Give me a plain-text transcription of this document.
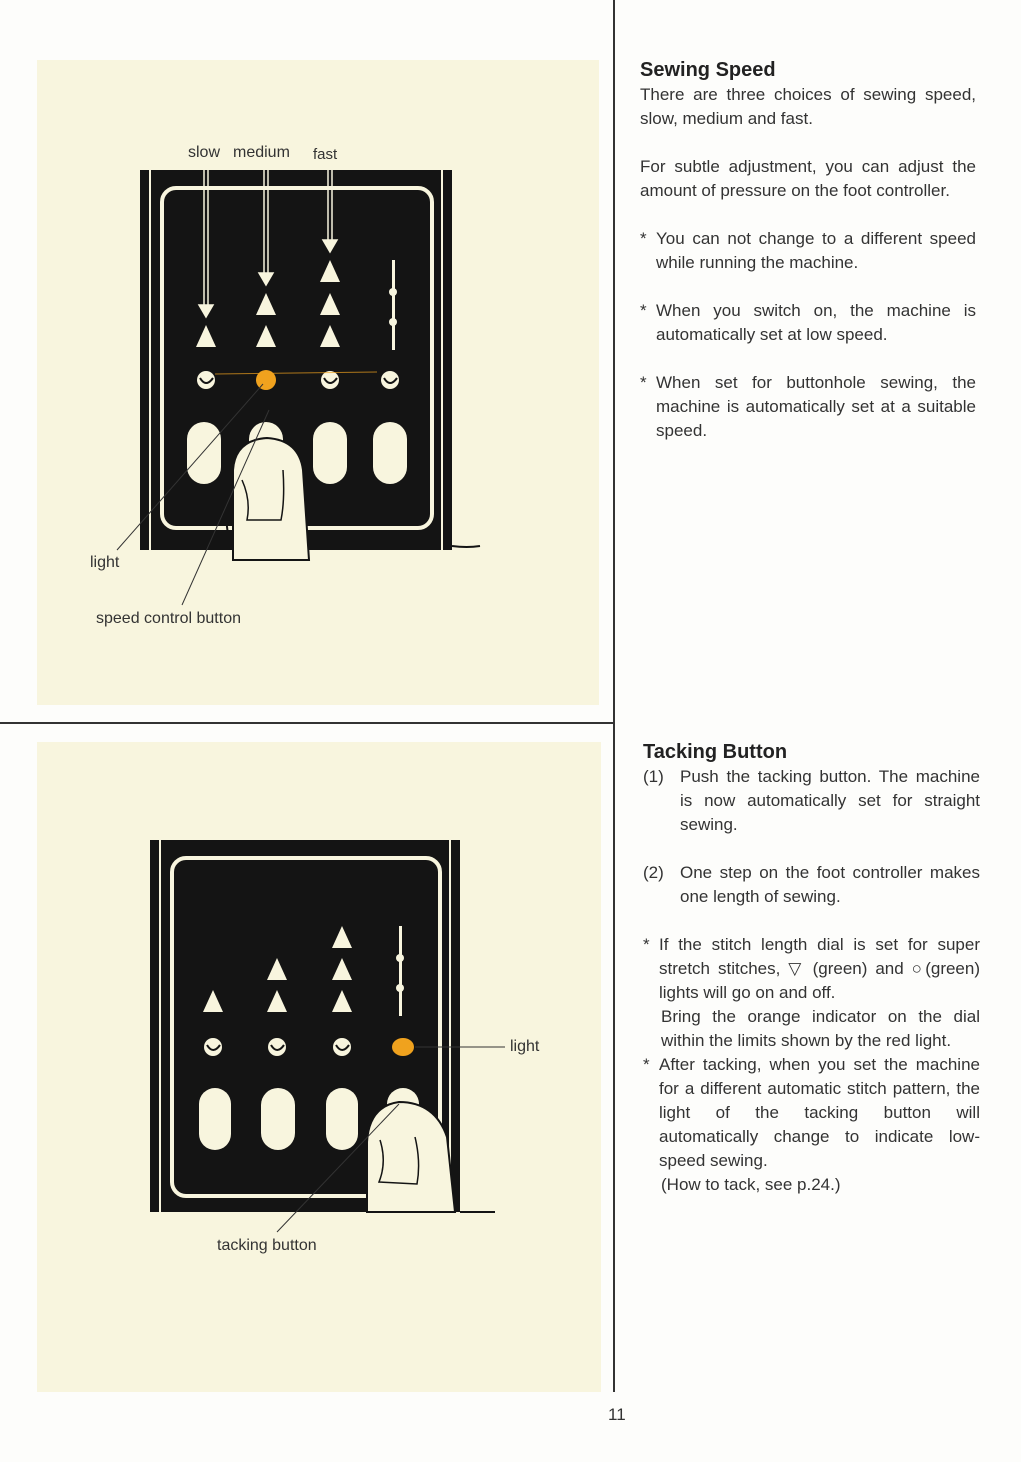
slow medium fast
light
speed control button
light
tacking button
Sewing Speed

There are three choices of sewing speed, slow, medium and fast.

For subtle adjustment, you can adjust the amount of pressure on the foot controller.

* You can not change to a different speed while running the machine.
* When you switch on, the machine is automatically set at low speed.
* When set for buttonhole sewing, the machine is automatically set at a suitable speed.
Tacking Button
(1) Push the tacking button. The machine is now automatically set for straight sewing.
(2) One step on the foot controller makes one length of sewing.
* If the stitch length dial is set for super stretch stitches, ▽ (green) and ○(green) lights will go on and off.
Bring the orange indicator on the dial within the limits shown by the red light.
* After tacking, when you set the machine for a different automatic stitch pattern, the light of the tacking button will automatically change to indicate low-speed sewing.
(How to tack, see p.24.)
11
